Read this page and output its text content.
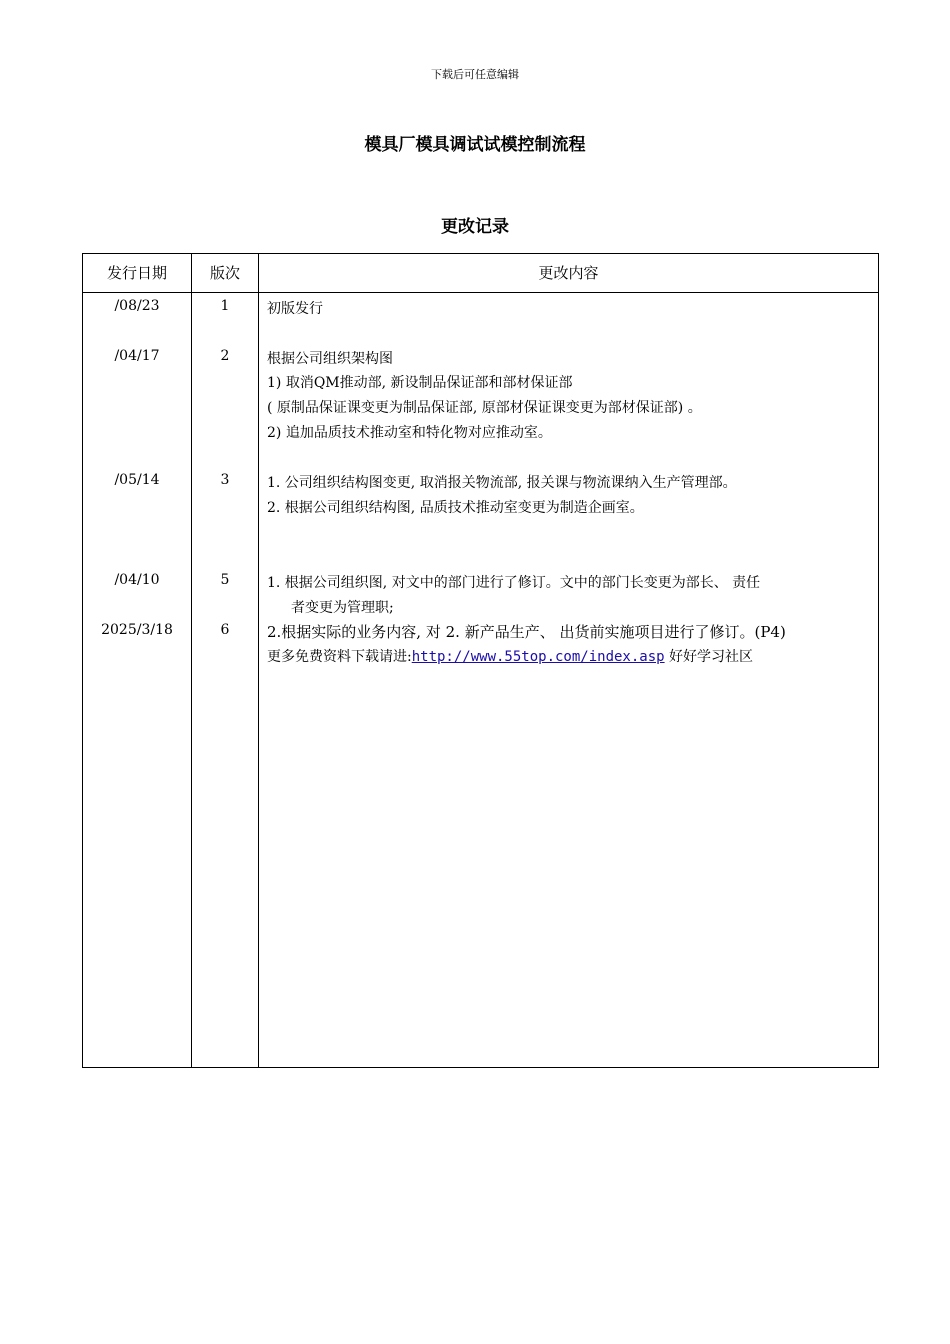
下载后可任意编辑
模具厂模具调试试模控制流程
更改记录
发行日期	版次	更改内容
/08/23	1	初版发行
/04/17	2	根据公司组织架构图
1) 取消QM推动部, 新设制品保证部和部材保证部
( 原制品保证课变更为制品保证部, 原部材保证课变更为部材保证部) 。
2) 追加品质技术推动室和特化物对应推动室。
/05/14	3	1. 公司组织结构图变更, 取消报关物流部, 报关课与物流课纳入生产管理部。
2. 根据公司组织结构图, 品质技术推动室变更为制造企画室。
/04/10	5	1. 根据公司组织图, 对文中的部门进行了修订。文中的部门长变更为部长、 责任
者变更为管理职;
2025/3/18	6	2.根据实际的业务内容, 对 2. 新产品生产、 出货前实施项目进行了修订。(P4)
更多免费资料下载请进:http://www.55top.com/index.asp 好好学习社区
